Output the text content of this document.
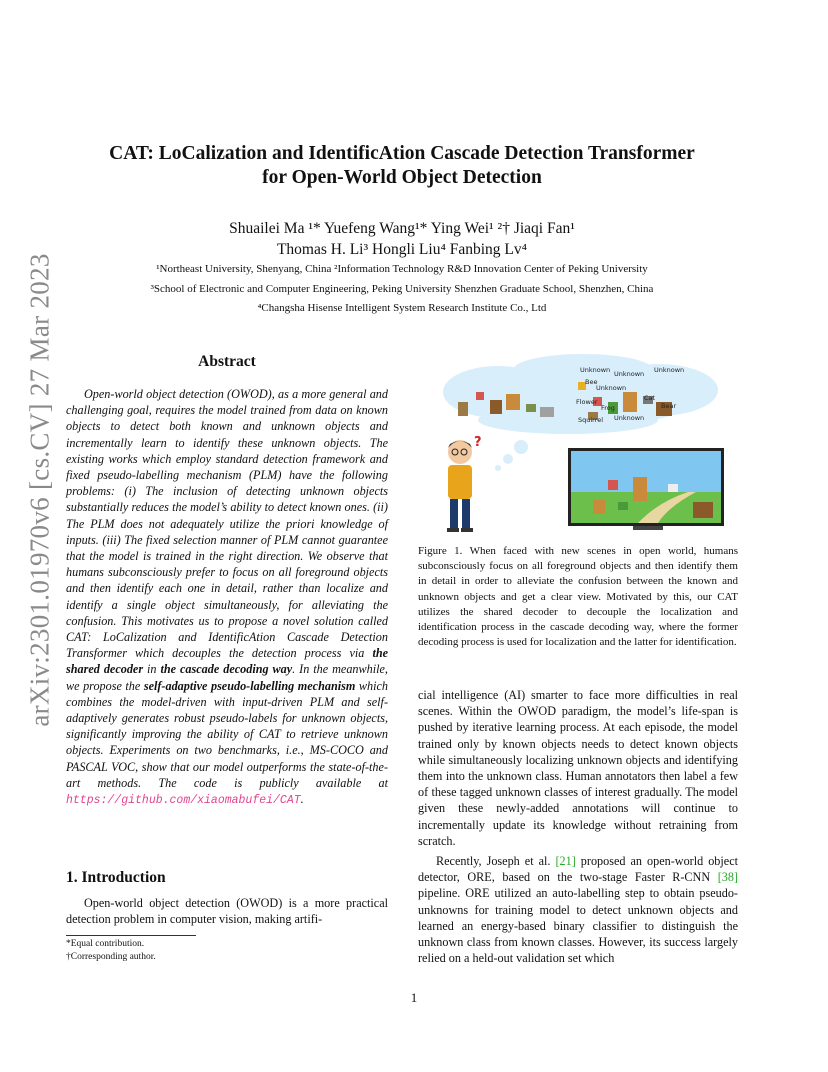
arXiv:2301.01970v6 [cs.CV] 27 Mar 2023
CAT: LoCalization and IdentificAtion Cascade Detection Transformer
for Open-World Object Detection
Shuailei Ma ¹* Yuefeng Wang¹* Ying Wei¹ ²† Jiaqi Fan¹
Thomas H. Li³ Hongli Liu⁴ Fanbing Lv⁴
¹Northeast University, Shenyang, China ²Information Technology R&D Innovation Center of Peking University
³School of Electronic and Computer Engineering, Peking University Shenzhen Graduate School, Shenzhen, China
⁴Changsha Hisense Intelligent System Research Institute Co., Ltd
Abstract

Open-world object detection (OWOD), as a more general and challenging goal, requires the model trained from data on known objects to detect both known and unknown objects and incrementally learn to identify these unknown objects. The existing works which employ standard detection framework and fixed pseudo-labelling mechanism (PLM) have the following problems: (i) The inclusion of detecting unknown objects substantially reduces the model’s ability to detect known ones. (ii) The PLM does not adequately utilize the priori knowledge of inputs. (iii) The fixed selection manner of PLM cannot guarantee that the model is trained in the right direction. We observe that humans subconsciously prefer to focus on all foreground objects and then identify each one in detail, rather than localize and identify a single object simultaneously, for alleviating the confusion. This motivates us to propose a novel solution called CAT: LoCalization and IdentificAtion Cascade Detection Transformer which decouples the detection process via the shared decoder in the cascade decoding way. In the meanwhile, we propose the self-adaptive pseudo-labelling mechanism which combines the model-driven with input-driven PLM and self-adaptively generates robust pseudo-labels for unknown objects, significantly improving the ability of CAT to retrieve unknown objects. Experiments on two benchmarks, i.e., MS-COCO and PASCAL VOC, show that our model outperforms the state-of-the-art methods. The code is publicly available at https://github.com/xiaomabufei/CAT.

1. Introduction

Open-world object detection (OWOD) is a more practical detection problem in computer vision, making artifi-

*Equal contribution.
†Corresponding author.
Unknown Unknown Unknown
Unknown
Bee
Flower
Frog
Cat
Bear
Squirrel Unknown
?
Figure 1. When faced with new scenes in open world, humans subconsciously focus on all foreground objects and then identify them in detail in order to alleviate the confusion between the known and unknown objects and get a clear view. Motivated by this, our CAT utilizes the shared decoder to decouple the localization and identification process in the cascade decoding way, where the former decoding process is used for localization and the latter for identification.

cial intelligence (AI) smarter to face more difficulties in real scenes. Within the OWOD paradigm, the model’s life-span is pushed by iterative learning process. At each episode, the model trained only by known objects needs to detect known objects while simultaneously localizing unknown objects and identifying them into the unknown class. Human annotators then label a few of these tagged unknown classes of interest gradually. The model given these newly-added annotations will continue to incrementally update its knowledge without retraining from scratch.

Recently, Joseph et al. [21] proposed an open-world object detector, ORE, based on the two-stage Faster R-CNN [38] pipeline. ORE utilized an auto-labelling step to obtain pseudo-unknowns for training model to detect unknown objects and learned an energy-based binary classifier to distinguish the unknown class from known classes. However, its success largely relied on a held-out validation set which

1
